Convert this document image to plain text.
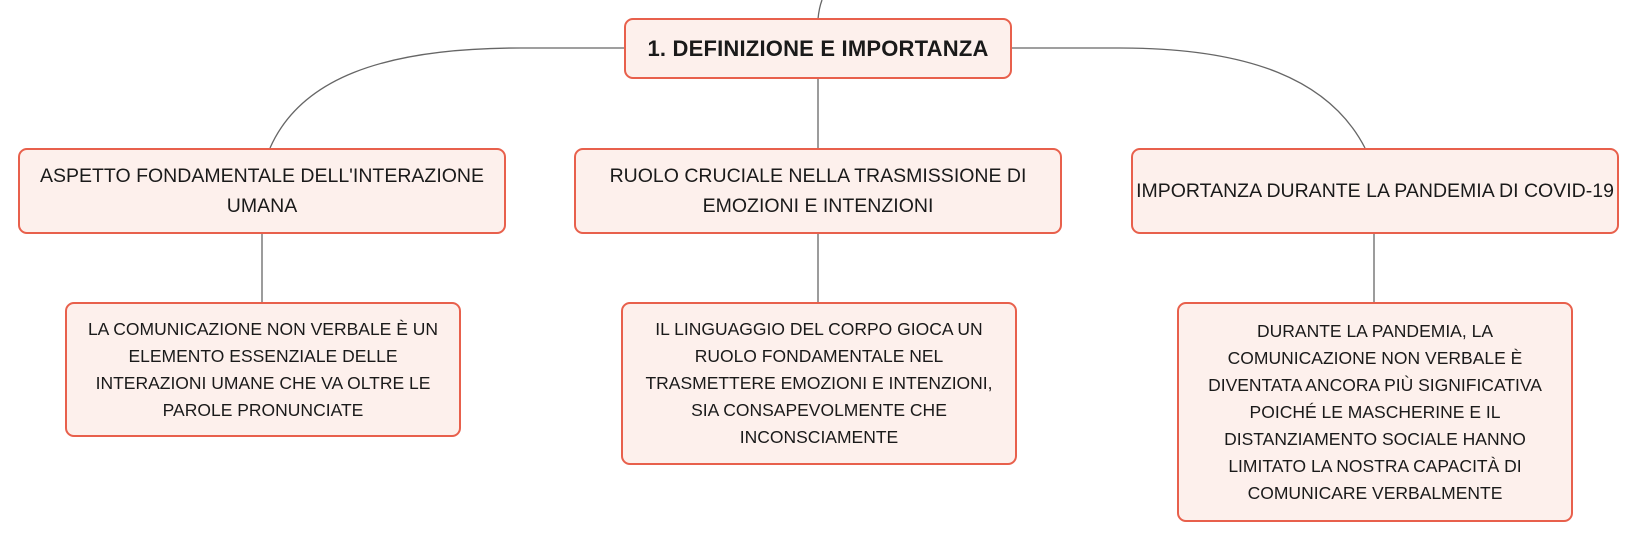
1. DEFINIZIONE E IMPORTANZA
ASPETTO FONDAMENTALE DELL'INTERAZIONE UMANA
RUOLO CRUCIALE NELLA TRASMISSIONE DI EMOZIONI E INTENZIONI
IMPORTANZA DURANTE LA PANDEMIA DI COVID-19
LA COMUNICAZIONE NON VERBALE È UN ELEMENTO ESSENZIALE DELLE INTERAZIONI UMANE CHE VA OLTRE LE PAROLE PRONUNCIATE
IL LINGUAGGIO DEL CORPO GIOCA UN RUOLO FONDAMENTALE NEL TRASMETTERE EMOZIONI E INTENZIONI, SIA CONSAPEVOLMENTE CHE INCONSCIAMENTE
DURANTE LA PANDEMIA, LA COMUNICAZIONE NON VERBALE È DIVENTATA ANCORA PIÙ SIGNIFICATIVA POICHÉ LE MASCHERINE E IL DISTANZIAMENTO SOCIALE HANNO LIMITATO LA NOSTRA CAPACITÀ DI COMUNICARE VERBALMENTE
